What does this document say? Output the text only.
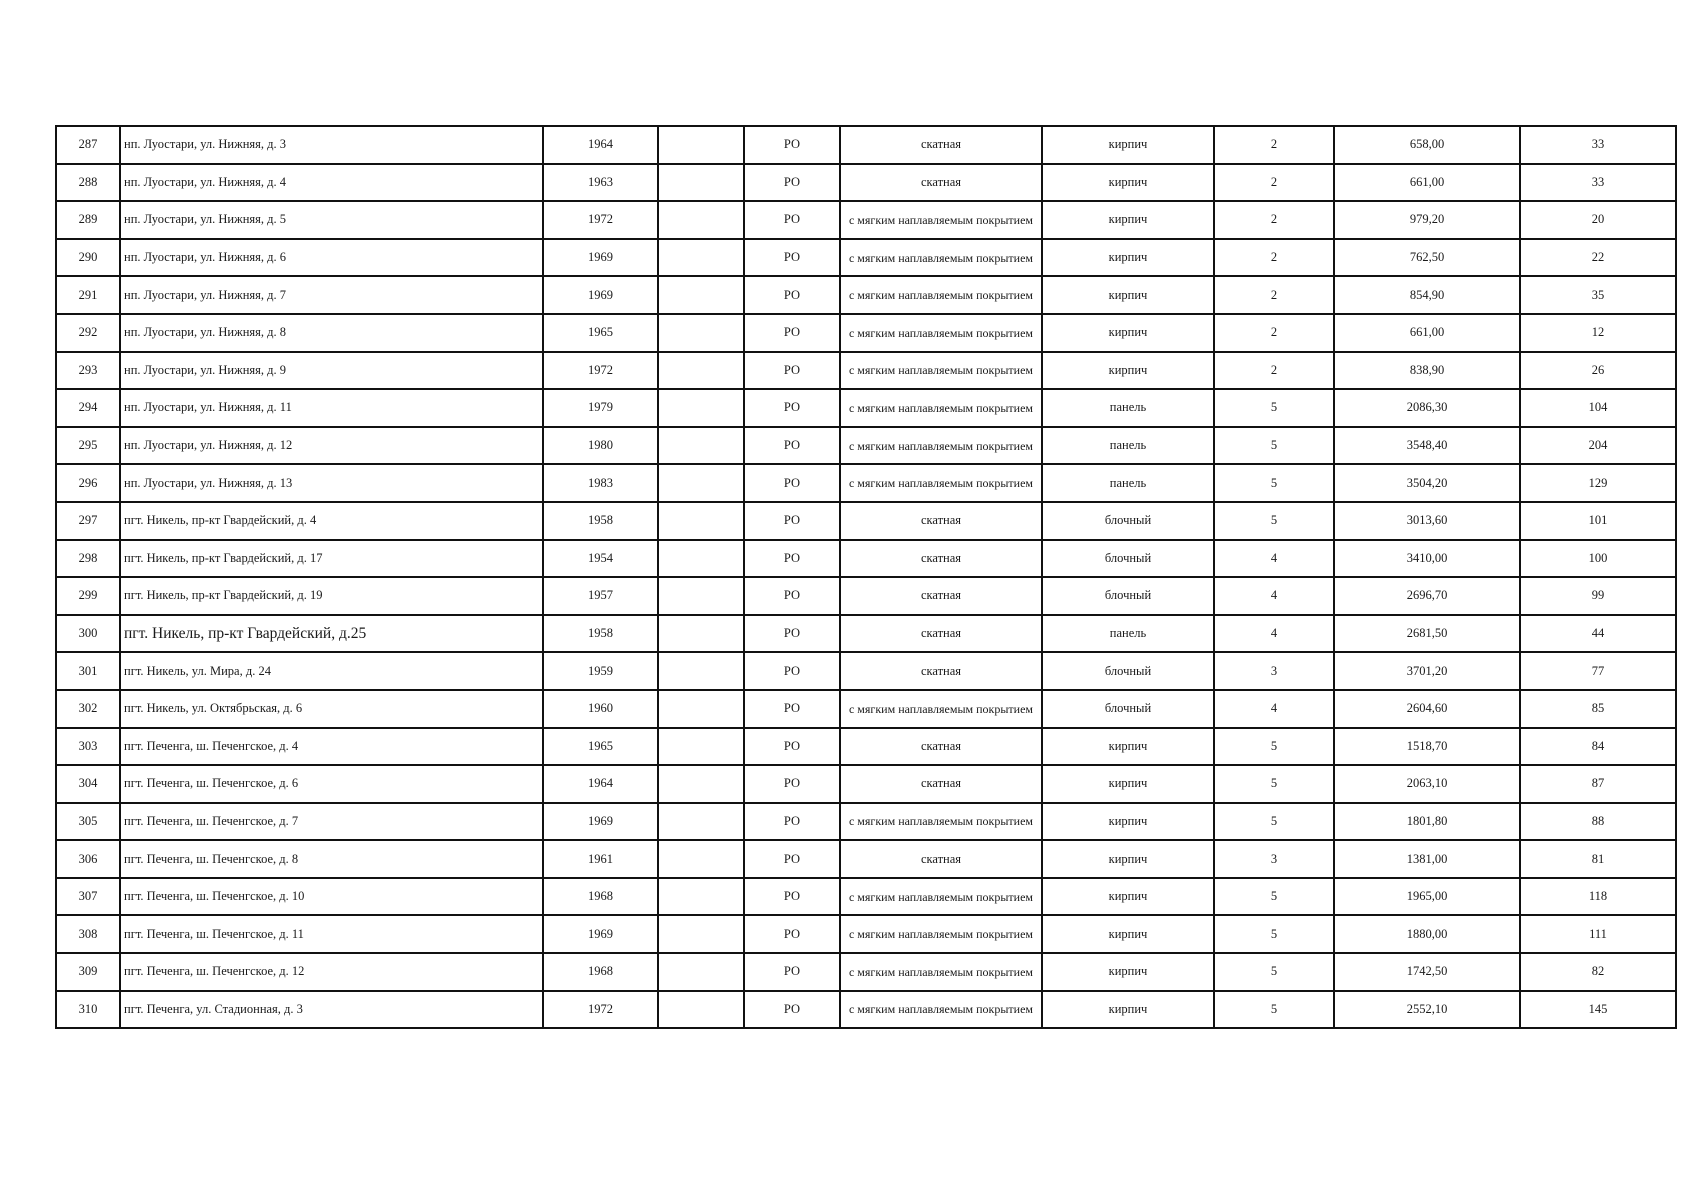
287	нп. Луостари, ул. Нижняя, д. 3	1964		РО	скатная	кирпич	2	658,00	33
288	нп. Луостари, ул. Нижняя, д. 4	1963		РО	скатная	кирпич	2	661,00	33
289	нп. Луостари, ул. Нижняя, д. 5	1972		РО	с мягким наплавляемым покрытием	кирпич	2	979,20	20
290	нп. Луостари, ул. Нижняя, д. 6	1969		РО	с мягким наплавляемым покрытием	кирпич	2	762,50	22
291	нп. Луостари, ул. Нижняя, д. 7	1969		РО	с мягким наплавляемым покрытием	кирпич	2	854,90	35
292	нп. Луостари, ул. Нижняя, д. 8	1965		РО	с мягким наплавляемым покрытием	кирпич	2	661,00	12
293	нп. Луостари, ул. Нижняя, д. 9	1972		РО	с мягким наплавляемым покрытием	кирпич	2	838,90	26
294	нп. Луостари, ул. Нижняя, д. 11	1979		РО	с мягким наплавляемым покрытием	панель	5	2086,30	104
295	нп. Луостари, ул. Нижняя, д. 12	1980		РО	с мягким наплавляемым покрытием	панель	5	3548,40	204
296	нп. Луостари, ул. Нижняя, д. 13	1983		РО	с мягким наплавляемым покрытием	панель	5	3504,20	129
297	пгт. Никель, пр-кт Гвардейский, д. 4	1958		РО	скатная	блочный	5	3013,60	101
298	пгт. Никель, пр-кт Гвардейский, д. 17	1954		РО	скатная	блочный	4	3410,00	100
299	пгт. Никель, пр-кт Гвардейский, д. 19	1957		РО	скатная	блочный	4	2696,70	99
300	пгт. Никель, пр-кт Гвардейский, д.25	1958		РО	скатная	панель	4	2681,50	44
301	пгт. Никель, ул. Мира, д. 24	1959		РО	скатная	блочный	3	3701,20	77
302	пгт. Никель, ул. Октябрьская, д. 6	1960		РО	с мягким наплавляемым покрытием	блочный	4	2604,60	85
303	пгт. Печенга, ш. Печенгское, д. 4	1965		РО	скатная	кирпич	5	1518,70	84
304	пгт. Печенга, ш. Печенгское, д. 6	1964		РО	скатная	кирпич	5	2063,10	87
305	пгт. Печенга, ш. Печенгское, д. 7	1969		РО	с мягким наплавляемым покрытием	кирпич	5	1801,80	88
306	пгт. Печенга, ш. Печенгское, д. 8	1961		РО	скатная	кирпич	3	1381,00	81
307	пгт. Печенга, ш. Печенгское, д. 10	1968		РО	с мягким наплавляемым покрытием	кирпич	5	1965,00	118
308	пгт. Печенга, ш. Печенгское, д. 11	1969		РО	с мягким наплавляемым покрытием	кирпич	5	1880,00	111
309	пгт. Печенга, ш. Печенгское, д. 12	1968		РО	с мягким наплавляемым покрытием	кирпич	5	1742,50	82
310	пгт. Печенга, ул. Стадионная, д. 3	1972		РО	с мягким наплавляемым покрытием	кирпич	5	2552,10	145
